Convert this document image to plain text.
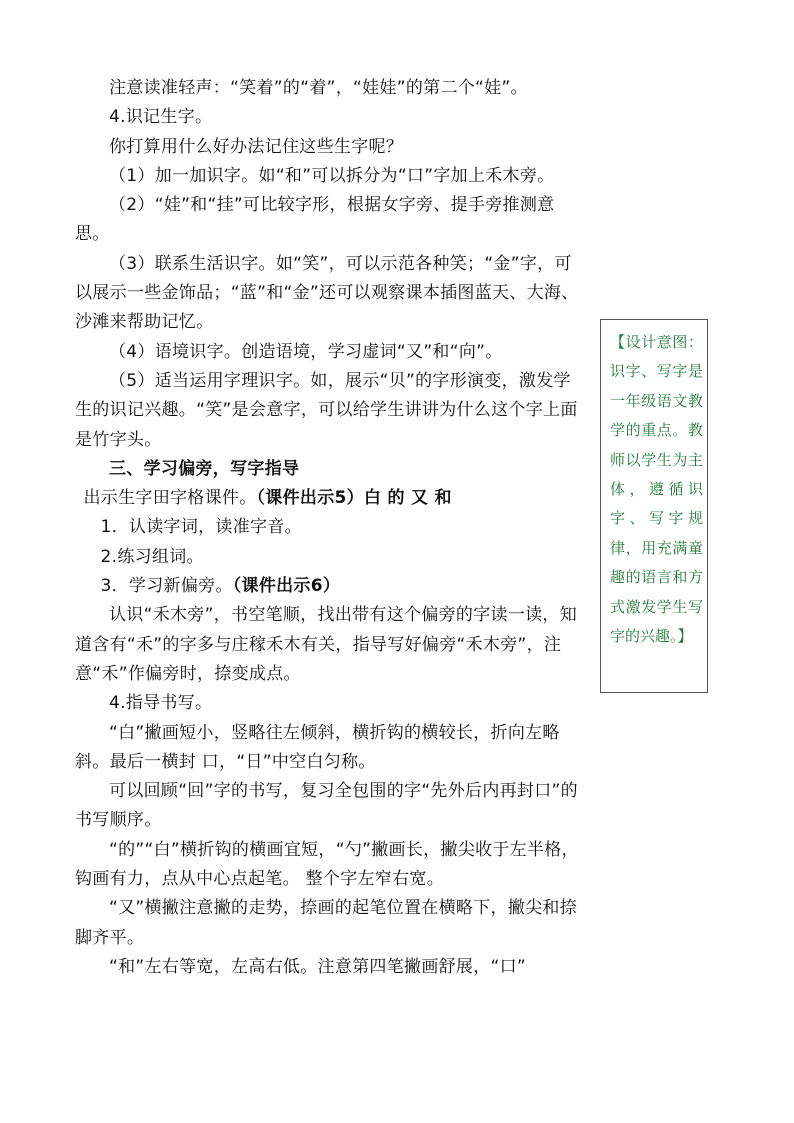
注意读准轻声：“笑着”的“着”，“娃娃”的第二个“娃”。

4.识记生字。

你打算用什么好办法记住这些生字呢？

（1）加一加识字。如“和”可以拆分为“口”字加上禾木旁。

（2）“娃”和“挂”可比较字形，根据女字旁、提手旁推测意思。

（3）联系生活识字。如“笑”，可以示范各种笑；“金”字，可以展示一些金饰品；“蓝”和“金”还可以观察课本插图蓝天、大海、沙滩来帮助记忆。

（4）语境识字。创造语境，学习虚词“又”和“向”。

（5）适当运用字理识字。如，展示“贝”的字形演变，激发学生的识记兴趣。“笑”是会意字，可以给学生讲讲为什么这个字上面是竹字头。

三、学习偏旁，写字指导

出示生字田字格课件。（课件出示5）白 的 又 和

1．认读字词，读准字音。

2.练习组词。

3．学习新偏旁。（课件出示6）

认识“禾木旁”，书空笔顺，找出带有这个偏旁的字读一读，知道含有“禾”的字多与庄稼禾木有关，指导写好偏旁“禾木旁”，注意“禾”作偏旁时，捺变成点。

4.指导书写。

“白”撇画短小，竖略往左倾斜，横折钩的横较长，折向左略斜。最后一横封 口，“日”中空白匀称。

可以回顾“回”字的书写，复习全包围的字“先外后内再封口”的书写顺序。

“的”“白”横折钩的横画宜短，“勺”撇画长，撇尖收于左半格，钩画有力，点从中心点起笔。 整个字左窄右宽。

“又”横撇注意撇的走势，捺画的起笔位置在横略下，撇尖和捺脚齐平。

“和”左右等宽，左高右低。注意第四笔撇画舒展，“口”

【设计意图：识字、写字是一年级语文教学的重点。教师以学生为主体，遵循识字、写字规律，用充满童趣的语言和方式激发学生写字的兴趣。】
